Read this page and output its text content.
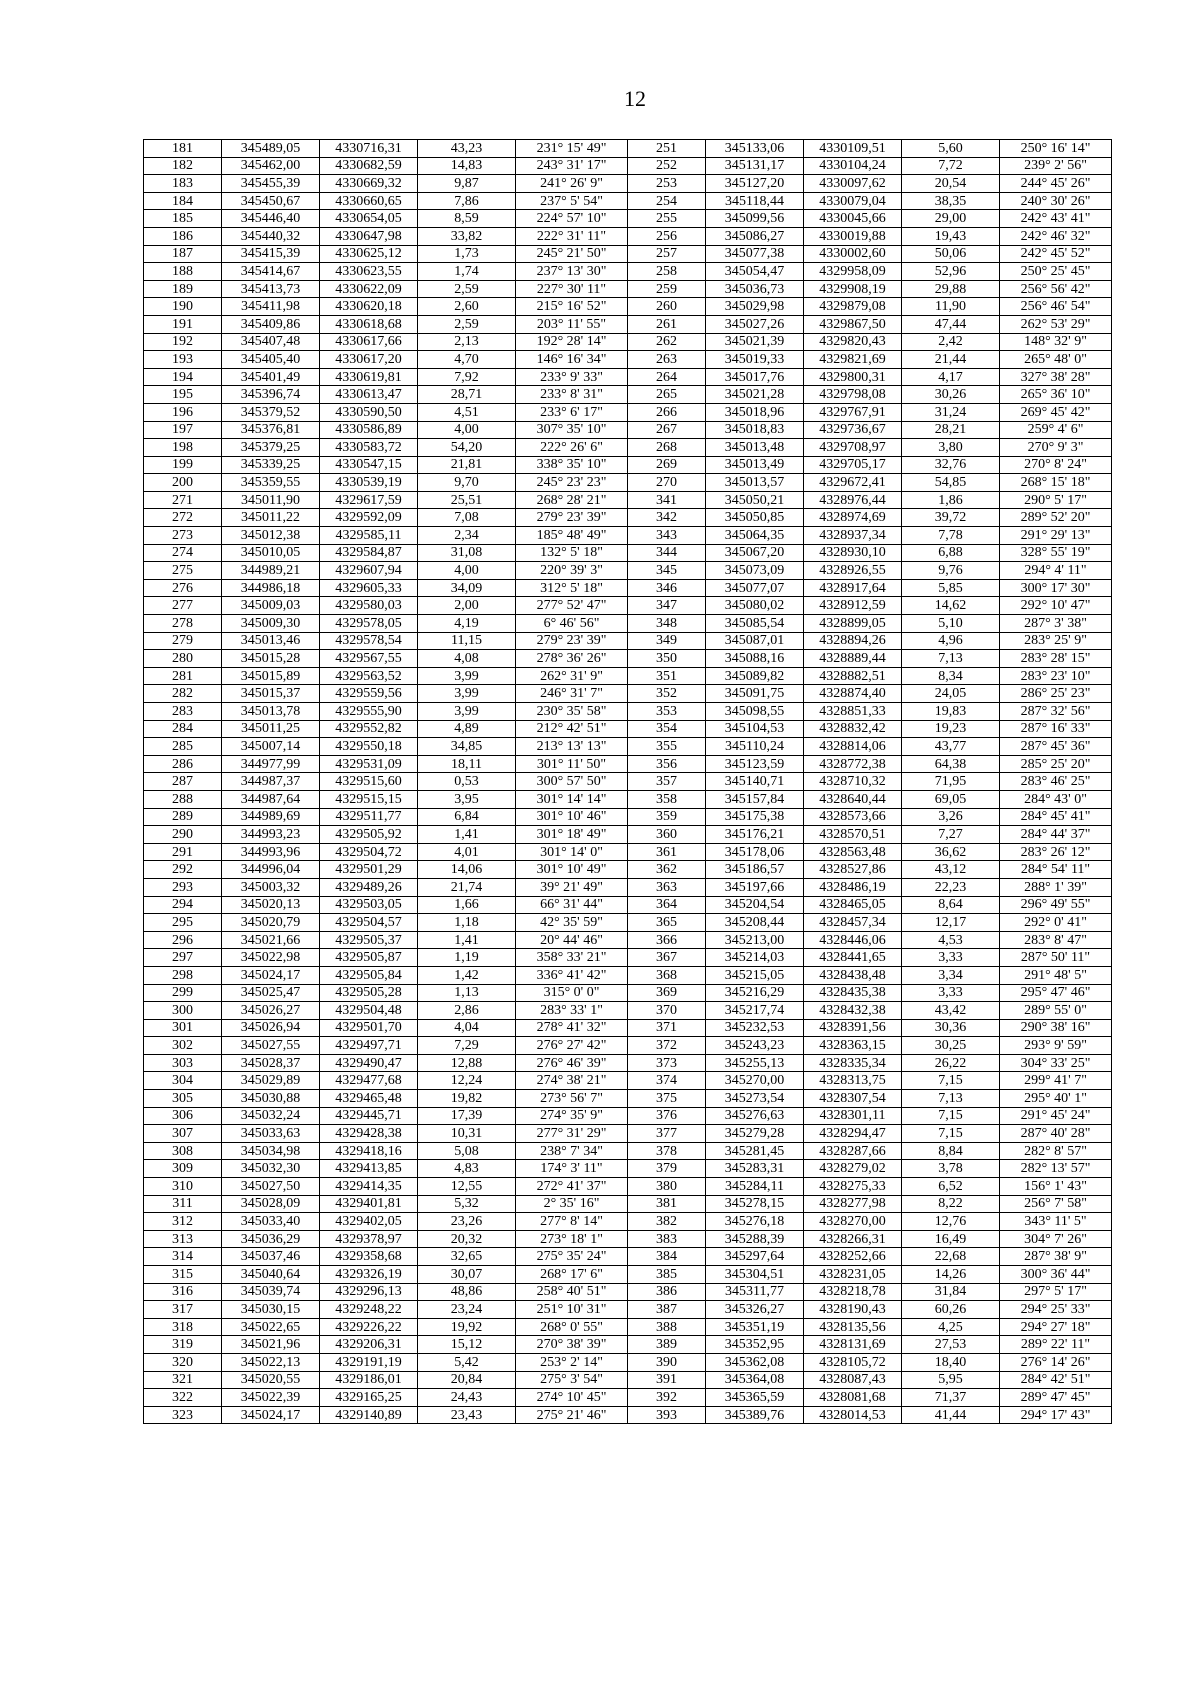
12
181	345489,05	4330716,31	43,23	231° 15' 49"	251	345133,06	4330109,51	5,60	250° 16' 14"
182	345462,00	4330682,59	14,83	243° 31' 17"	252	345131,17	4330104,24	7,72	239° 2' 56"
183	345455,39	4330669,32	9,87	241° 26' 9"	253	345127,20	4330097,62	20,54	244° 45' 26"
184	345450,67	4330660,65	7,86	237° 5' 54"	254	345118,44	4330079,04	38,35	240° 30' 26"
185	345446,40	4330654,05	8,59	224° 57' 10"	255	345099,56	4330045,66	29,00	242° 43' 41"
186	345440,32	4330647,98	33,82	222° 31' 11"	256	345086,27	4330019,88	19,43	242° 46' 32"
187	345415,39	4330625,12	1,73	245° 21' 50"	257	345077,38	4330002,60	50,06	242° 45' 52"
188	345414,67	4330623,55	1,74	237° 13' 30"	258	345054,47	4329958,09	52,96	250° 25' 45"
189	345413,73	4330622,09	2,59	227° 30' 11"	259	345036,73	4329908,19	29,88	256° 56' 42"
190	345411,98	4330620,18	2,60	215° 16' 52"	260	345029,98	4329879,08	11,90	256° 46' 54"
191	345409,86	4330618,68	2,59	203° 11' 55"	261	345027,26	4329867,50	47,44	262° 53' 29"
192	345407,48	4330617,66	2,13	192° 28' 14"	262	345021,39	4329820,43	2,42	148° 32' 9"
193	345405,40	4330617,20	4,70	146° 16' 34"	263	345019,33	4329821,69	21,44	265° 48' 0"
194	345401,49	4330619,81	7,92	233° 9' 33"	264	345017,76	4329800,31	4,17	327° 38' 28"
195	345396,74	4330613,47	28,71	233° 8' 31"	265	345021,28	4329798,08	30,26	265° 36' 10"
196	345379,52	4330590,50	4,51	233° 6' 17"	266	345018,96	4329767,91	31,24	269° 45' 42"
197	345376,81	4330586,89	4,00	307° 35' 10"	267	345018,83	4329736,67	28,21	259° 4' 6"
198	345379,25	4330583,72	54,20	222° 26' 6"	268	345013,48	4329708,97	3,80	270° 9' 3"
199	345339,25	4330547,15	21,81	338° 35' 10"	269	345013,49	4329705,17	32,76	270° 8' 24"
200	345359,55	4330539,19	9,70	245° 23' 23"	270	345013,57	4329672,41	54,85	268° 15' 18"
271	345011,90	4329617,59	25,51	268° 28' 21"	341	345050,21	4328976,44	1,86	290° 5' 17"
272	345011,22	4329592,09	7,08	279° 23' 39"	342	345050,85	4328974,69	39,72	289° 52' 20"
273	345012,38	4329585,11	2,34	185° 48' 49"	343	345064,35	4328937,34	7,78	291° 29' 13"
274	345010,05	4329584,87	31,08	132° 5' 18"	344	345067,20	4328930,10	6,88	328° 55' 19"
275	344989,21	4329607,94	4,00	220° 39' 3"	345	345073,09	4328926,55	9,76	294° 4' 11"
276	344986,18	4329605,33	34,09	312° 5' 18"	346	345077,07	4328917,64	5,85	300° 17' 30"
277	345009,03	4329580,03	2,00	277° 52' 47"	347	345080,02	4328912,59	14,62	292° 10' 47"
278	345009,30	4329578,05	4,19	6° 46' 56"	348	345085,54	4328899,05	5,10	287° 3' 38"
279	345013,46	4329578,54	11,15	279° 23' 39"	349	345087,01	4328894,26	4,96	283° 25' 9"
280	345015,28	4329567,55	4,08	278° 36' 26"	350	345088,16	4328889,44	7,13	283° 28' 15"
281	345015,89	4329563,52	3,99	262° 31' 9"	351	345089,82	4328882,51	8,34	283° 23' 10"
282	345015,37	4329559,56	3,99	246° 31' 7"	352	345091,75	4328874,40	24,05	286° 25' 23"
283	345013,78	4329555,90	3,99	230° 35' 58"	353	345098,55	4328851,33	19,83	287° 32' 56"
284	345011,25	4329552,82	4,89	212° 42' 51"	354	345104,53	4328832,42	19,23	287° 16' 33"
285	345007,14	4329550,18	34,85	213° 13' 13"	355	345110,24	4328814,06	43,77	287° 45' 36"
286	344977,99	4329531,09	18,11	301° 11' 50"	356	345123,59	4328772,38	64,38	285° 25' 20"
287	344987,37	4329515,60	0,53	300° 57' 50"	357	345140,71	4328710,32	71,95	283° 46' 25"
288	344987,64	4329515,15	3,95	301° 14' 14"	358	345157,84	4328640,44	69,05	284° 43' 0"
289	344989,69	4329511,77	6,84	301° 10' 46"	359	345175,38	4328573,66	3,26	284° 45' 41"
290	344993,23	4329505,92	1,41	301° 18' 49"	360	345176,21	4328570,51	7,27	284° 44' 37"
291	344993,96	4329504,72	4,01	301° 14' 0"	361	345178,06	4328563,48	36,62	283° 26' 12"
292	344996,04	4329501,29	14,06	301° 10' 49"	362	345186,57	4328527,86	43,12	284° 54' 11"
293	345003,32	4329489,26	21,74	39° 21' 49"	363	345197,66	4328486,19	22,23	288° 1' 39"
294	345020,13	4329503,05	1,66	66° 31' 44"	364	345204,54	4328465,05	8,64	296° 49' 55"
295	345020,79	4329504,57	1,18	42° 35' 59"	365	345208,44	4328457,34	12,17	292° 0' 41"
296	345021,66	4329505,37	1,41	20° 44' 46"	366	345213,00	4328446,06	4,53	283° 8' 47"
297	345022,98	4329505,87	1,19	358° 33' 21"	367	345214,03	4328441,65	3,33	287° 50' 11"
298	345024,17	4329505,84	1,42	336° 41' 42"	368	345215,05	4328438,48	3,34	291° 48' 5"
299	345025,47	4329505,28	1,13	315° 0' 0"	369	345216,29	4328435,38	3,33	295° 47' 46"
300	345026,27	4329504,48	2,86	283° 33' 1"	370	345217,74	4328432,38	43,42	289° 55' 0"
301	345026,94	4329501,70	4,04	278° 41' 32"	371	345232,53	4328391,56	30,36	290° 38' 16"
302	345027,55	4329497,71	7,29	276° 27' 42"	372	345243,23	4328363,15	30,25	293° 9' 59"
303	345028,37	4329490,47	12,88	276° 46' 39"	373	345255,13	4328335,34	26,22	304° 33' 25"
304	345029,89	4329477,68	12,24	274° 38' 21"	374	345270,00	4328313,75	7,15	299° 41' 7"
305	345030,88	4329465,48	19,82	273° 56' 7"	375	345273,54	4328307,54	7,13	295° 40' 1"
306	345032,24	4329445,71	17,39	274° 35' 9"	376	345276,63	4328301,11	7,15	291° 45' 24"
307	345033,63	4329428,38	10,31	277° 31' 29"	377	345279,28	4328294,47	7,15	287° 40' 28"
308	345034,98	4329418,16	5,08	238° 7' 34"	378	345281,45	4328287,66	8,84	282° 8' 57"
309	345032,30	4329413,85	4,83	174° 3' 11"	379	345283,31	4328279,02	3,78	282° 13' 57"
310	345027,50	4329414,35	12,55	272° 41' 37"	380	345284,11	4328275,33	6,52	156° 1' 43"
311	345028,09	4329401,81	5,32	2° 35' 16"	381	345278,15	4328277,98	8,22	256° 7' 58"
312	345033,40	4329402,05	23,26	277° 8' 14"	382	345276,18	4328270,00	12,76	343° 11' 5"
313	345036,29	4329378,97	20,32	273° 18' 1"	383	345288,39	4328266,31	16,49	304° 7' 26"
314	345037,46	4329358,68	32,65	275° 35' 24"	384	345297,64	4328252,66	22,68	287° 38' 9"
315	345040,64	4329326,19	30,07	268° 17' 6"	385	345304,51	4328231,05	14,26	300° 36' 44"
316	345039,74	4329296,13	48,86	258° 40' 51"	386	345311,77	4328218,78	31,84	297° 5' 17"
317	345030,15	4329248,22	23,24	251° 10' 31"	387	345326,27	4328190,43	60,26	294° 25' 33"
318	345022,65	4329226,22	19,92	268° 0' 55"	388	345351,19	4328135,56	4,25	294° 27' 18"
319	345021,96	4329206,31	15,12	270° 38' 39"	389	345352,95	4328131,69	27,53	289° 22' 11"
320	345022,13	4329191,19	5,42	253° 2' 14"	390	345362,08	4328105,72	18,40	276° 14' 26"
321	345020,55	4329186,01	20,84	275° 3' 54"	391	345364,08	4328087,43	5,95	284° 42' 51"
322	345022,39	4329165,25	24,43	274° 10' 45"	392	345365,59	4328081,68	71,37	289° 47' 45"
323	345024,17	4329140,89	23,43	275° 21' 46"	393	345389,76	4328014,53	41,44	294° 17' 43"
